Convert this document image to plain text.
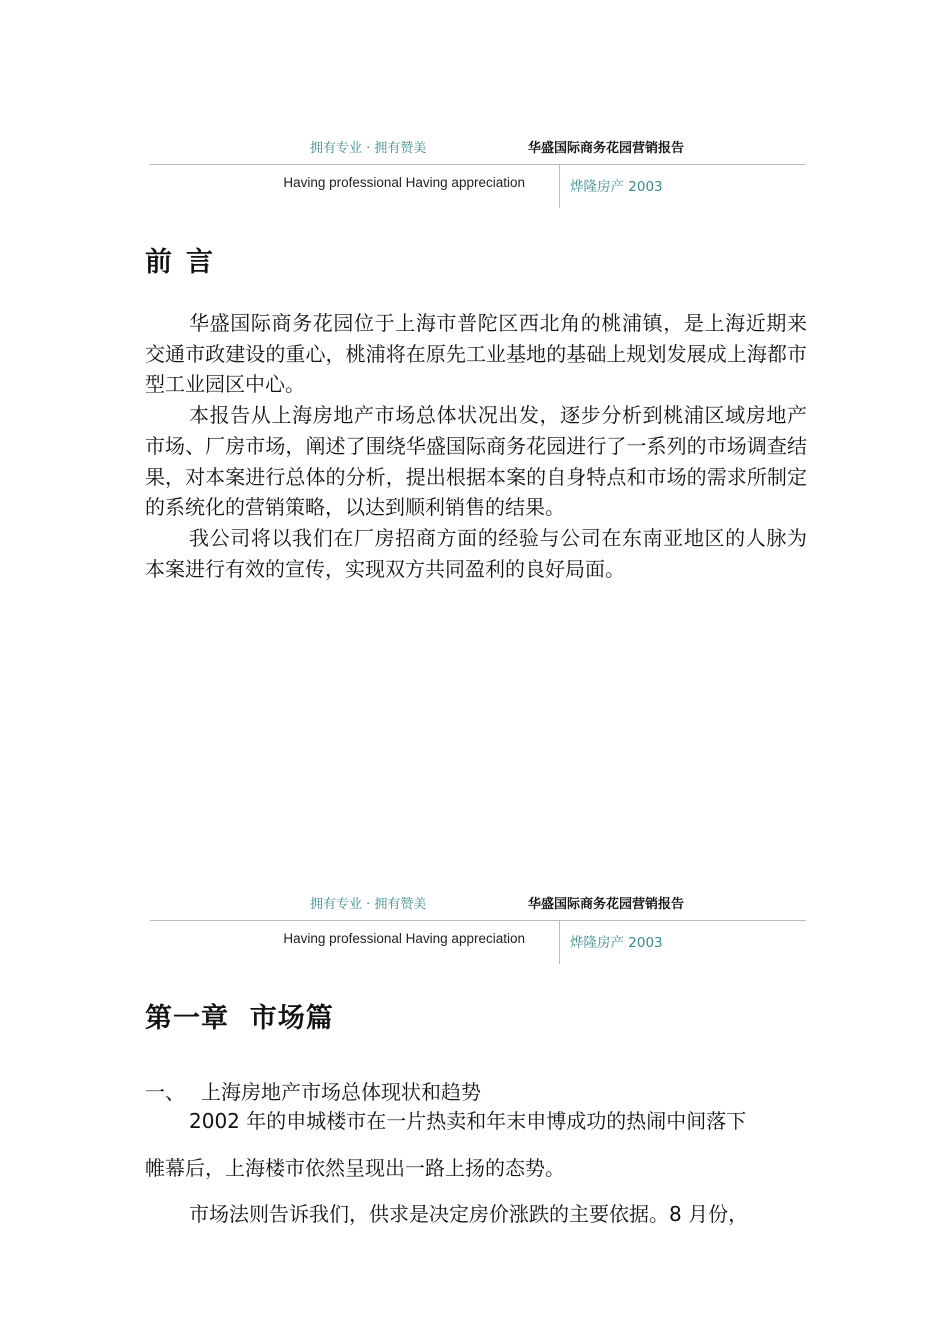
拥有专业 · 拥有赞美	华盛国际商务花园营销报告
Having professional Having appreciation	烨隆房产 2003
前言

华盛国际商务花园位于上海市普陀区西北角的桃浦镇，是上海近期来交通市政建设的重心，桃浦将在原先工业基地的基础上规划发展成上海都市型工业园区中心。

本报告从上海房地产市场总体状况出发，逐步分析到桃浦区域房地产市场、厂房市场，阐述了围绕华盛国际商务花园进行了一系列的市场调查结果，对本案进行总体的分析，提出根据本案的自身特点和市场的需求所制定的系统化的营销策略，以达到顺利销售的结果。

我公司将以我们在厂房招商方面的经验与公司在东南亚地区的人脉为本案进行有效的宣传，实现双方共同盈利的良好局面。

拥有专业 · 拥有赞美	华盛国际商务花园营销报告
Having professional Having appreciation	烨隆房产 2003
第一章  市场篇
一、 上海房地产市场总体现状和趋势
2002 年的申城楼市在一片热卖和年末申博成功的热闹中间落下
帷幕后，上海楼市依然呈现出一路上扬的态势。
市场法则告诉我们，供求是决定房价涨跌的主要依据。8 月份，
